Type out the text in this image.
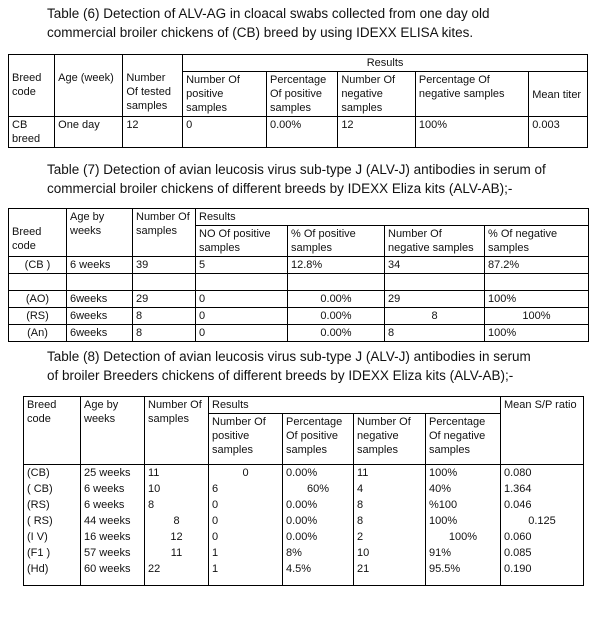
Table (6) Detection of ALV-AG in cloacal swabs collected from one day old
commercial broiler chickens of (CB) breed by using IDEXX ELISA kites.
Breed code	Age (week)	Number Of tested samples	Results				
			Number Of positive samples	Percentage Of positive samples	Number Of negative samples	Percentage Of negative samples	Mean titer
CB breed	One day	12	0	0.00%	12	100%	0.003
Table (7) Detection of avian leucosis virus sub-type J (ALV-J) antibodies in serum of
commercial broiler chickens of different breeds by IDEXX Eliza kits (ALV-AB);-
Breed code	Age by weeks	Number Of samples	Results			
			NO Of positive samples	% Of positive samples	Number Of negative samples	% Of negative samples
(CB )	6 weeks	39	5	12.8%	34	87.2%

(AO)	6weeks	29	0	0.00%	29	100%
(RS)	6weeks	8	0	0.00%	8	100%
(An)	6weeks	8	0	0.00%	8	100%
Table (8) Detection of avian leucosis virus sub-type J (ALV-J) antibodies in serum
of broiler Breeders chickens of different breeds by IDEXX Eliza kits (ALV-AB);-
Breed code	Age by weeks	Number Of samples	Results				Mean S/P ratio
			Number Of positive samples	Percentage Of positive samples	Number Of negative samples	Percentage Of negative samples	
(CB)	25 weeks	11	0	0.00%	11	100%	0.080
( CB)	6 weeks	10	6	60%	4	40%	1.364
(RS)	6 weeks	8	0	0.00%	8	%100	0.046
( RS)	44 weeks	8	0	0.00%	8	100%	0.125
(I V)	16 weeks	12	0	0.00%	2	100%	0.060
(F1 )	57 weeks	11	1	8%	10	91%	0.085
(Hd)	60 weeks	22	1	4.5%	21	95.5%	0.190
